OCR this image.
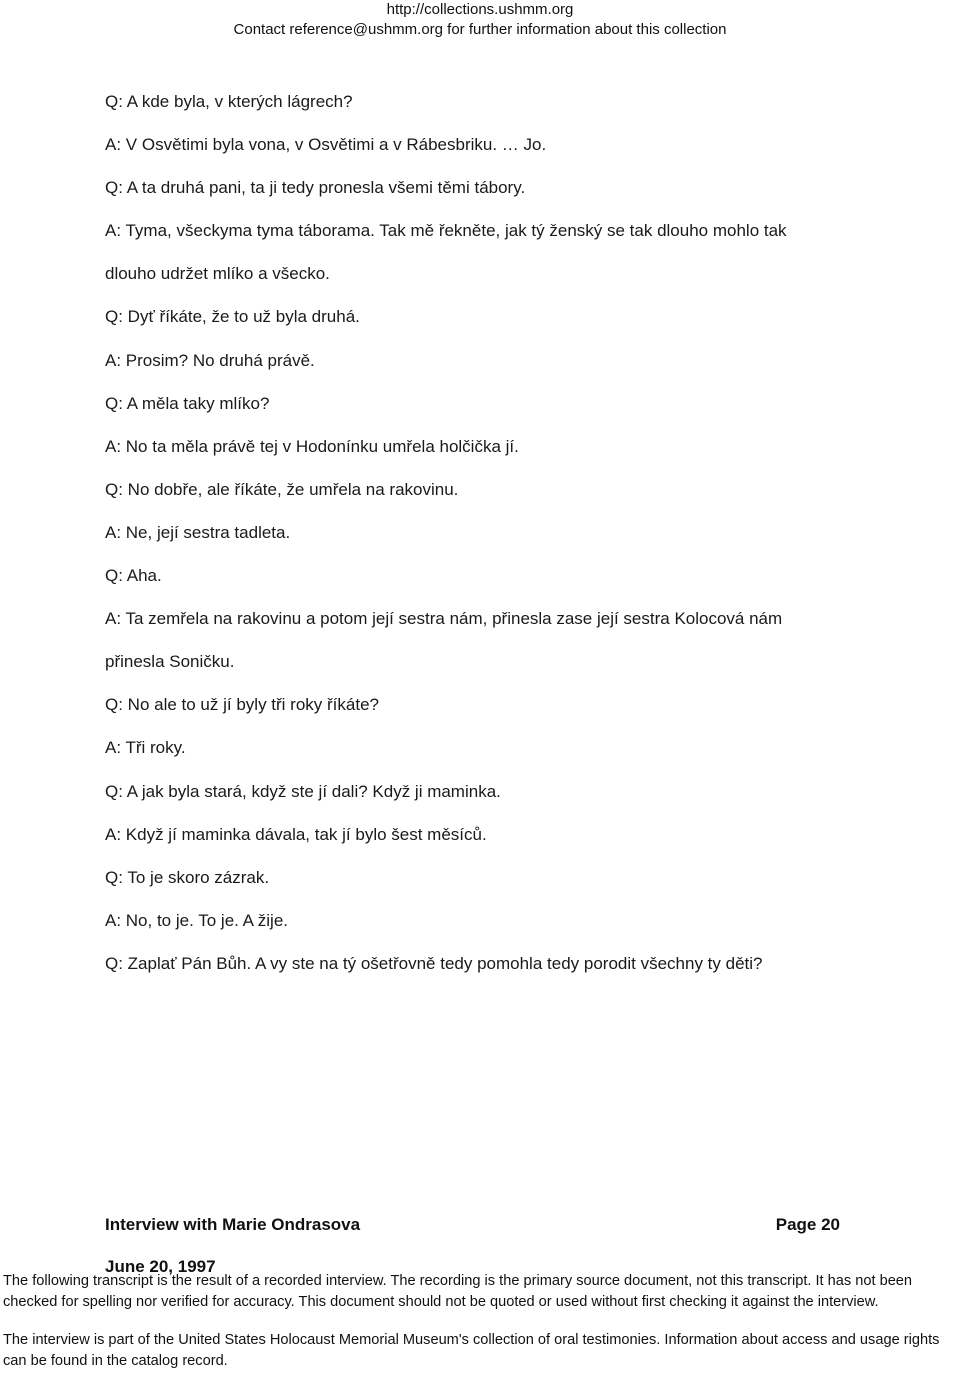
http://collections.ushmm.org
Contact reference@ushmm.org for further information about this collection
Q: A kde byla, v kterých lágrech?
A: V Osvětimi byla vona, v Osvětimi a v Rábesbriku. … Jo.
Q: A ta druhá pani, ta ji tedy pronesla všemi těmi tábory.
A: Tyma, všeckyma tyma táborama. Tak mě řekněte, jak tý ženský se tak dlouho mohlo tak
dlouho udržet mlíko a všecko.
Q: Dyť říkáte, že to už byla druhá.
A: Prosim? No druhá právě.
Q: A měla taky mlíko?
A: No ta měla právě tej v Hodonínku umřela holčička jí.
Q: No dobře, ale říkáte, že umřela na rakovinu.
A: Ne, její sestra tadleta.
Q: Aha.
A: Ta zemřela na rakovinu a potom její sestra nám, přinesla zase její sestra Kolocová nám
přinesla Soničku.
Q: No ale to už jí byly tři roky říkáte?
A: Tři roky.
Q: A jak byla stará, když ste jí dali? Když ji maminka.
A: Když jí maminka dávala, tak jí bylo šest měsíců.
Q: To je skoro zázrak.
A: No, to je. To je. A žije.
Q: Zaplať Pán Bůh. A vy ste na tý ošetřovně tedy pomohla tedy porodit všechny ty děti?
Interview with Marie Ondrasova	Page 20
June 20, 1997

The following transcript is the result of a recorded interview. The recording is the primary source document, not this transcript. It has not been checked for spelling nor verified for accuracy. This document should not be quoted or used without first checking it against the interview.

The interview is part of the United States Holocaust Memorial Museum's collection of oral testimonies. Information about access and usage rights can be found in the catalog record.
